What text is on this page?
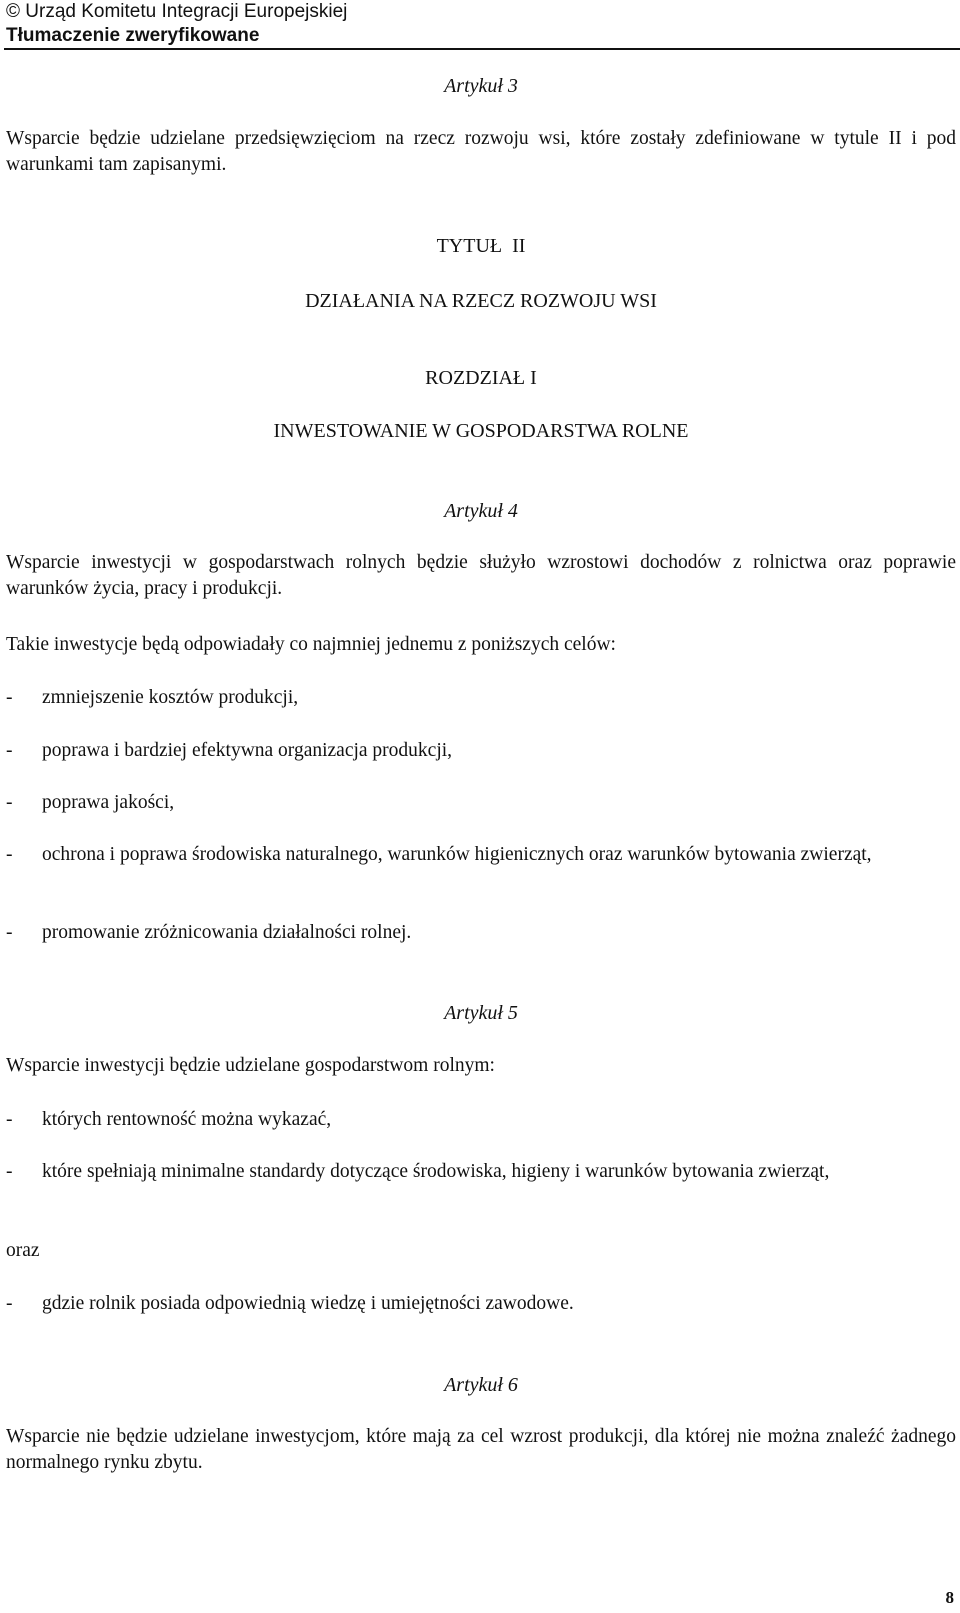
© Urząd Komitetu Integracji Europejskiej
Tłumaczenie zweryfikowane
Artykuł 3
Wsparcie będzie udzielane przedsięwzięciom na rzecz rozwoju wsi, które zostały zdefiniowane w tytule II i pod warunkami tam zapisanymi.
TYTUŁ  II
DZIAŁANIA NA RZECZ ROZWOJU WSI
ROZDZIAŁ I
INWESTOWANIE W GOSPODARSTWA ROLNE
Artykuł 4
Wsparcie inwestycji w gospodarstwach rolnych będzie służyło wzrostowi dochodów z rolnictwa oraz poprawie warunków życia, pracy i produkcji.
Takie inwestycje będą odpowiadały co najmniej jednemu z poniższych celów:
-	zmniejszenie kosztów produkcji,
-	poprawa i bardziej efektywna organizacja produkcji,
-	poprawa jakości,
-	ochrona i poprawa środowiska naturalnego, warunków higienicznych oraz warunków bytowania zwierząt,
-	promowanie zróżnicowania działalności rolnej.
Artykuł 5
Wsparcie inwestycji będzie udzielane gospodarstwom rolnym:
-	których rentowność można wykazać,
-	które spełniają minimalne standardy dotyczące środowiska, higieny i warunków bytowania zwierząt,
oraz
-	gdzie rolnik posiada odpowiednią wiedzę i umiejętności zawodowe.
Artykuł 6
Wsparcie nie będzie udzielane inwestycjom, które mają za cel wzrost produkcji, dla której nie można znaleźć żadnego normalnego rynku zbytu.
8
